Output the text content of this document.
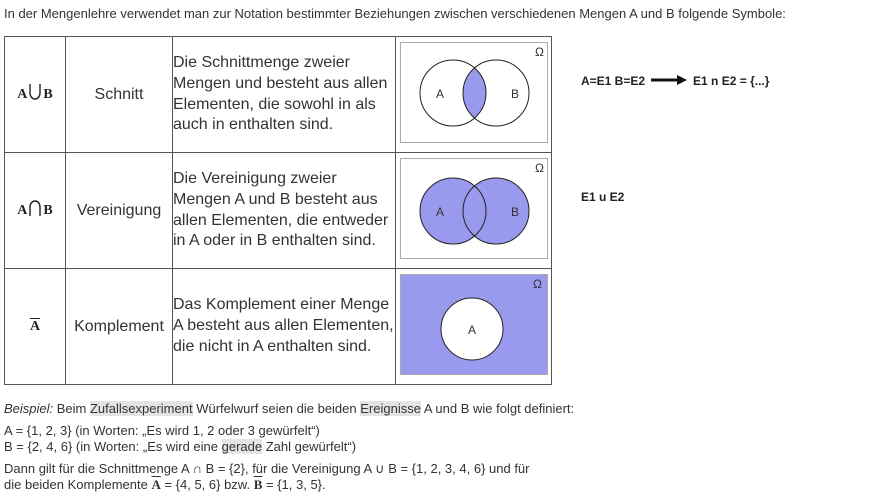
In der Mengenlehre verwendet man zur Notation bestimmter Beziehungen zwischen verschiedenen Mengen A und B folgende Symbole:
A B	Schnitt	Die Schnittmenge zweier Mengen und besteht aus allen Elementen, die sowohl in als auch in enthalten sind.	Ω
A B

A B	Vereinigung	Die Vereinigung zweier Mengen A und B besteht aus allen Elementen, die entweder in A oder in B enthalten sind.	Ω
A B

$\overline{A}$	Komplement	Das Komplement einer Menge A besteht aus allen Elementen, die nicht in A enthalten sind.	Ω
A
A=E1 B=E2	E1 n E2 = {...}
E1 u E2

Beispiel: Beim Zufallsexperiment Würfelwurf seien die beiden Ereignisse A und B wie folgt definiert:

A = {1, 2, 3} (in Worten: „Es wird 1, 2 oder 3 gewürfelt“)

B = {2, 4, 6} (in Worten: „Es wird eine gerade Zahl gewürfelt“)

Dann gilt für die Schnittmenge A ∩ B = {2}, für die Vereinigung A ∪ B = {1, 2, 3, 4, 6} und für

die beiden Komplemente $\overline{A} = \{4$, 5, 6} bzw. $\overline{B} = \{1$, 3, 5}.
